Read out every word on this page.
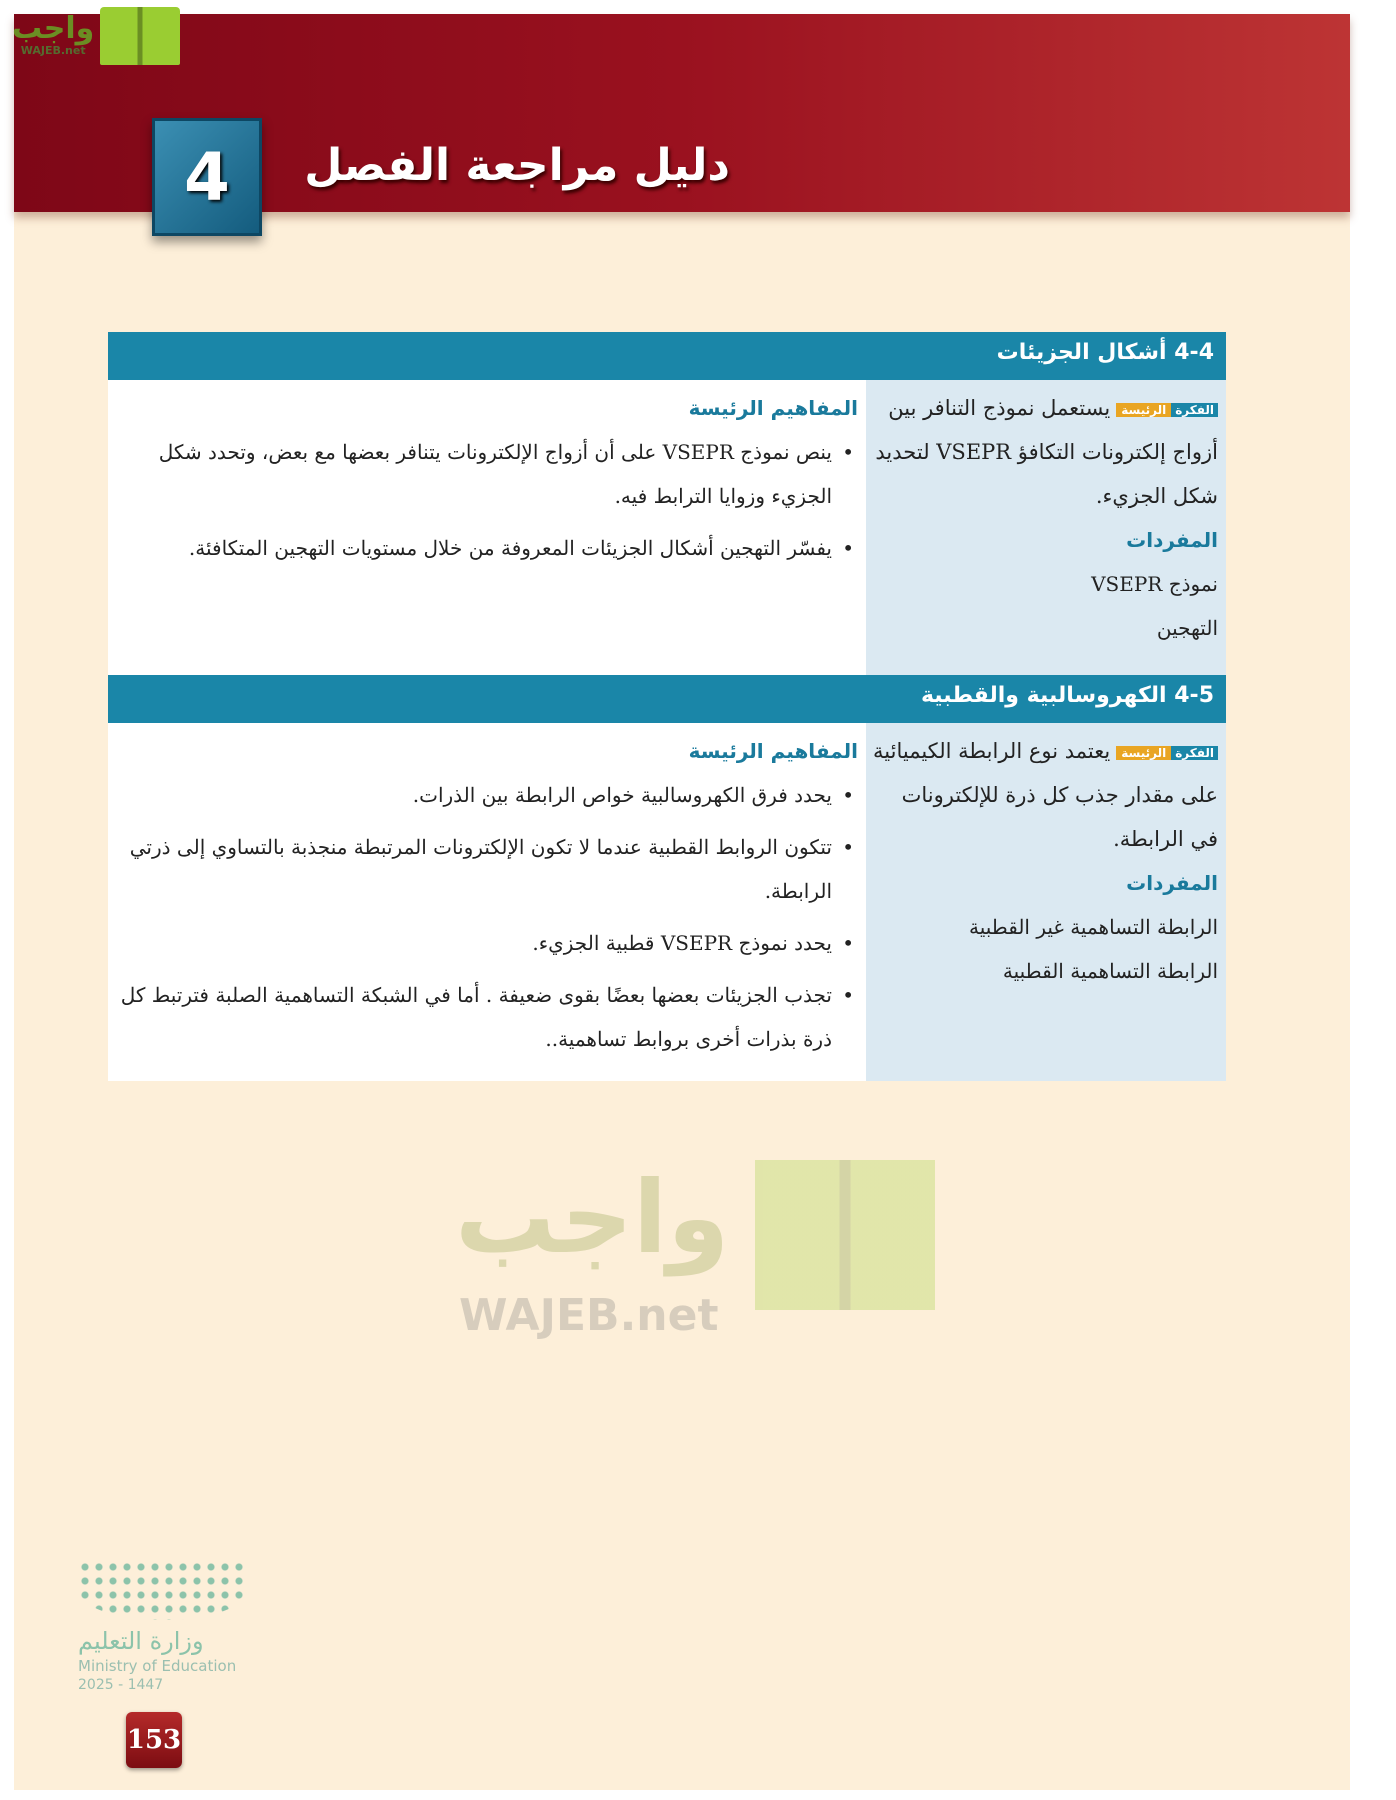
واجب
WAJEB.net
4	دليل مراجعة الفصل
4-4 أشكال الجزيئات
الفكرةالرئيسةيستعمل نموذج التنافر بين أزواج إلكترونات التكافؤ VSEPR لتحديد شكل الجزيء.
المفردات
نموذج VSEPR
التهجين
المفاهيم الرئيسة
• ينص نموذج VSEPR على أن أزواج الإلكترونات يتنافر بعضها مع بعض، وتحدد شكل الجزيء وزوايا الترابط فيه.
• يفسّر التهجين أشكال الجزيئات المعروفة من خلال مستويات التهجين المتكافئة.
4-5 الكهروسالبية والقطبية
الفكرةالرئيسةيعتمد نوع الرابطة الكيميائية على مقدار جذب كل ذرة للإلكترونات في الرابطة.
المفردات
الرابطة التساهمية غير القطبية
الرابطة التساهمية القطبية
المفاهيم الرئيسة
• يحدد فرق الكهروسالبية خواص الرابطة بين الذرات.
• تتكون الروابط القطبية عندما لا تكون الإلكترونات المرتبطة منجذبة بالتساوي إلى ذرتي الرابطة.
• يحدد نموذج VSEPR قطبية الجزيء.
• تجذب الجزيئات بعضها بعضًا بقوى ضعيفة . أما في الشبكة التساهمية الصلبة فترتبط كل ذرة بذرات أخرى بروابط تساهمية..
واجب
WAJEB.net
وزارة التعليم
Ministry of Education
2025 - 1447
153
